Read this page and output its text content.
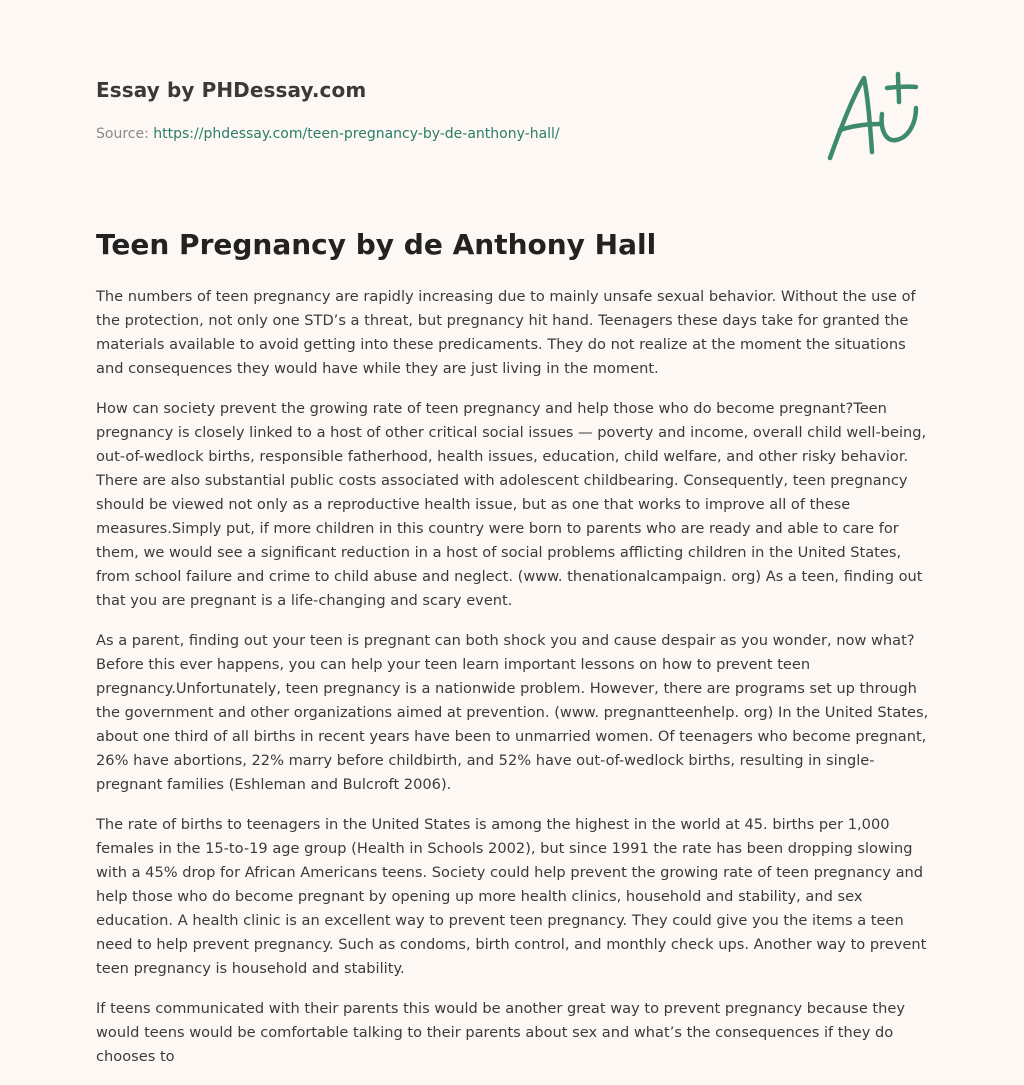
Essay by PHDessay.com
Source: https://phdessay.com/teen-pregnancy-by-de-anthony-hall/
Teen Pregnancy by de Anthony Hall

The numbers of teen pregnancy are rapidly increasing due to mainly unsafe sexual behavior. Without the use of the protection, not only one STD’s a threat, but pregnancy hit hand. Teenagers these days take for granted the materials available to avoid getting into these predicaments. They do not realize at the moment the situations and consequences they would have while they are just living in the moment.

How can society prevent the growing rate of teen pregnancy and help those who do become pregnant?Teen pregnancy is closely linked to a host of other critical social issues — poverty and income, overall child well-being, out-of-wedlock births, responsible fatherhood, health issues, education, child welfare, and other risky behavior. There are also substantial public costs associated with adolescent childbearing. Consequently, teen pregnancy should be viewed not only as a reproductive health issue, but as one that works to improve all of these measures.Simply put, if more children in this country were born to parents who are ready and able to care for them, we would see a significant reduction in a host of social problems afflicting children in the United States, from school failure and crime to child abuse and neglect. (www. thenationalcampaign. org) As a teen, finding out that you are pregnant is a life-changing and scary event.

As a parent, finding out your teen is pregnant can both shock you and cause despair as you wonder, now what? Before this ever happens, you can help your teen learn important lessons on how to prevent teen pregnancy.Unfortunately, teen pregnancy is a nationwide problem. However, there are programs set up through the government and other organizations aimed at prevention. (www. pregnantteenhelp. org) In the United States, about one third of all births in recent years have been to unmarried women. Of teenagers who become pregnant, 26% have abortions, 22% marry before childbirth, and 52% have out-of-wedlock births, resulting in single-pregnant families (Eshleman and Bulcroft 2006).

The rate of births to teenagers in the United States is among the highest in the world at 45. births per 1,000 females in the 15-to-19 age group (Health in Schools 2002), but since 1991 the rate has been dropping slowing with a 45% drop for African Americans teens. Society could help prevent the growing rate of teen pregnancy and help those who do become pregnant by opening up more health clinics, household and stability, and sex education. A health clinic is an excellent way to prevent teen pregnancy. They could give you the items a teen need to help prevent pregnancy. Such as condoms, birth control, and monthly check ups. Another way to prevent teen pregnancy is household and stability.

If teens communicated with their parents this would be another great way to prevent pregnancy because they would teens would be comfortable talking to their parents about sex and what’s the consequences if they do chooses to
